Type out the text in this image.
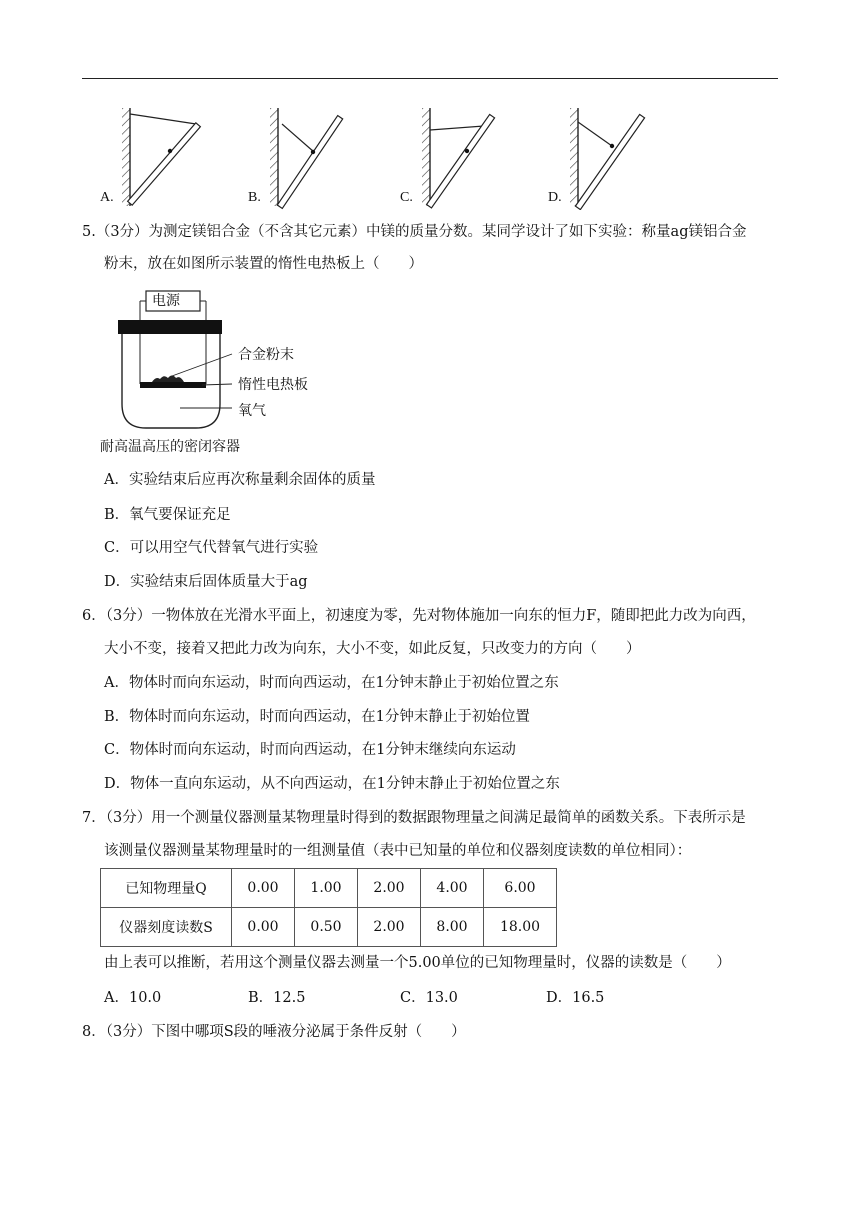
A.	B.	C.	D.
5.（3分）为测定镁铝合金（不含其它元素）中镁的质量分数。某同学设计了如下实验：称量ag镁铝合金
粉末，放在如图所示装置的惰性电热板上（　　）
电源
合金粉末
惰性电热板
氧气
耐高温高压的密闭容器
A．实验结束后应再次称量剩余固体的质量
B．氧气要保证充足
C．可以用空气代替氧气进行实验
D．实验结束后固体质量大于ag
6．（3分）一物体放在光滑水平面上，初速度为零，先对物体施加一向东的恒力F，随即把此力改为向西，
大小不变，接着又把此力改为向东，大小不变，如此反复，只改变力的方向（　　）
A．物体时而向东运动，时而向西运动，在1分钟末静止于初始位置之东
B．物体时而向东运动，时而向西运动，在1分钟末静止于初始位置
C．物体时而向东运动，时而向西运动，在1分钟末继续向东运动
D．物体一直向东运动，从不向西运动，在1分钟末静止于初始位置之东
7．（3分）用一个测量仪器测量某物理量时得到的数据跟物理量之间满足最简单的函数关系。下表所示是
该测量仪器测量某物理量时的一组测量值（表中已知量的单位和仪器刻度读数的单位相同）：
已知物理量Q	0.00	1.00	2.00	4.00	6.00
仪器刻度读数S	0.00	0.50	2.00	8.00	18.00
由上表可以推断，若用这个测量仪器去测量一个5.00单位的已知物理量时，仪器的读数是（　　）
A．10.0	B．12.5	C．13.0	D．16.5
8．（3分）下图中哪项S段的唾液分泌属于条件反射（　　）
